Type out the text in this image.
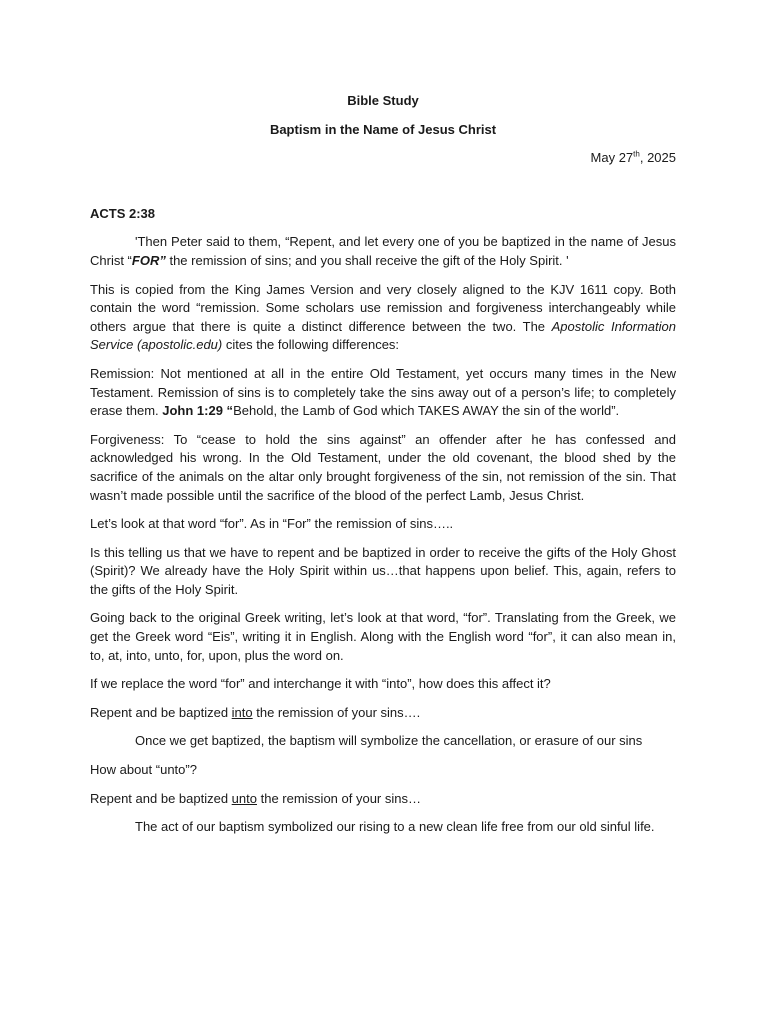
Bible Study
Baptism in the Name of Jesus Christ
May 27th, 2025
ACTS 2:38

'Then Peter said to them, “Repent, and let every one of you be baptized in the name of Jesus Christ “FOR” the remission of sins; and you shall receive the gift of the Holy Spirit. '

This is copied from the King James Version and very closely aligned to the KJV 1611 copy. Both contain the word “remission. Some scholars use remission and forgiveness interchangeably while others argue that there is quite a distinct difference between the two. The Apostolic Information Service (apostolic.edu) cites the following differences:

Remission: Not mentioned at all in the entire Old Testament, yet occurs many times in the New Testament. Remission of sins is to completely take the sins away out of a person’s life; to completely erase them. John 1:29 “Behold, the Lamb of God which TAKES AWAY the sin of the world”.

Forgiveness: To “cease to hold the sins against” an offender after he has confessed and acknowledged his wrong. In the Old Testament, under the old covenant, the blood shed by the sacrifice of the animals on the altar only brought forgiveness of the sin, not remission of the sin. That wasn’t made possible until the sacrifice of the blood of the perfect Lamb, Jesus Christ.

Let’s look at that word “for”. As in “For” the remission of sins…..

Is this telling us that we have to repent and be baptized in order to receive the gifts of the Holy Ghost (Spirit)? We already have the Holy Spirit within us…that happens upon belief. This, again, refers to the gifts of the Holy Spirit.

Going back to the original Greek writing, let’s look at that word, “for”. Translating from the Greek, we get the Greek word “Eis”, writing it in English. Along with the English word “for”, it can also mean in, to, at, into, unto, for, upon, plus the word on.

If we replace the word “for” and interchange it with “into”, how does this affect it?

Repent and be baptized into the remission of your sins….

Once we get baptized, the baptism will symbolize the cancellation, or erasure of our sins

How about “unto”?

Repent and be baptized unto the remission of your sins…

The act of our baptism symbolized our rising to a new clean life free from our old sinful life.
